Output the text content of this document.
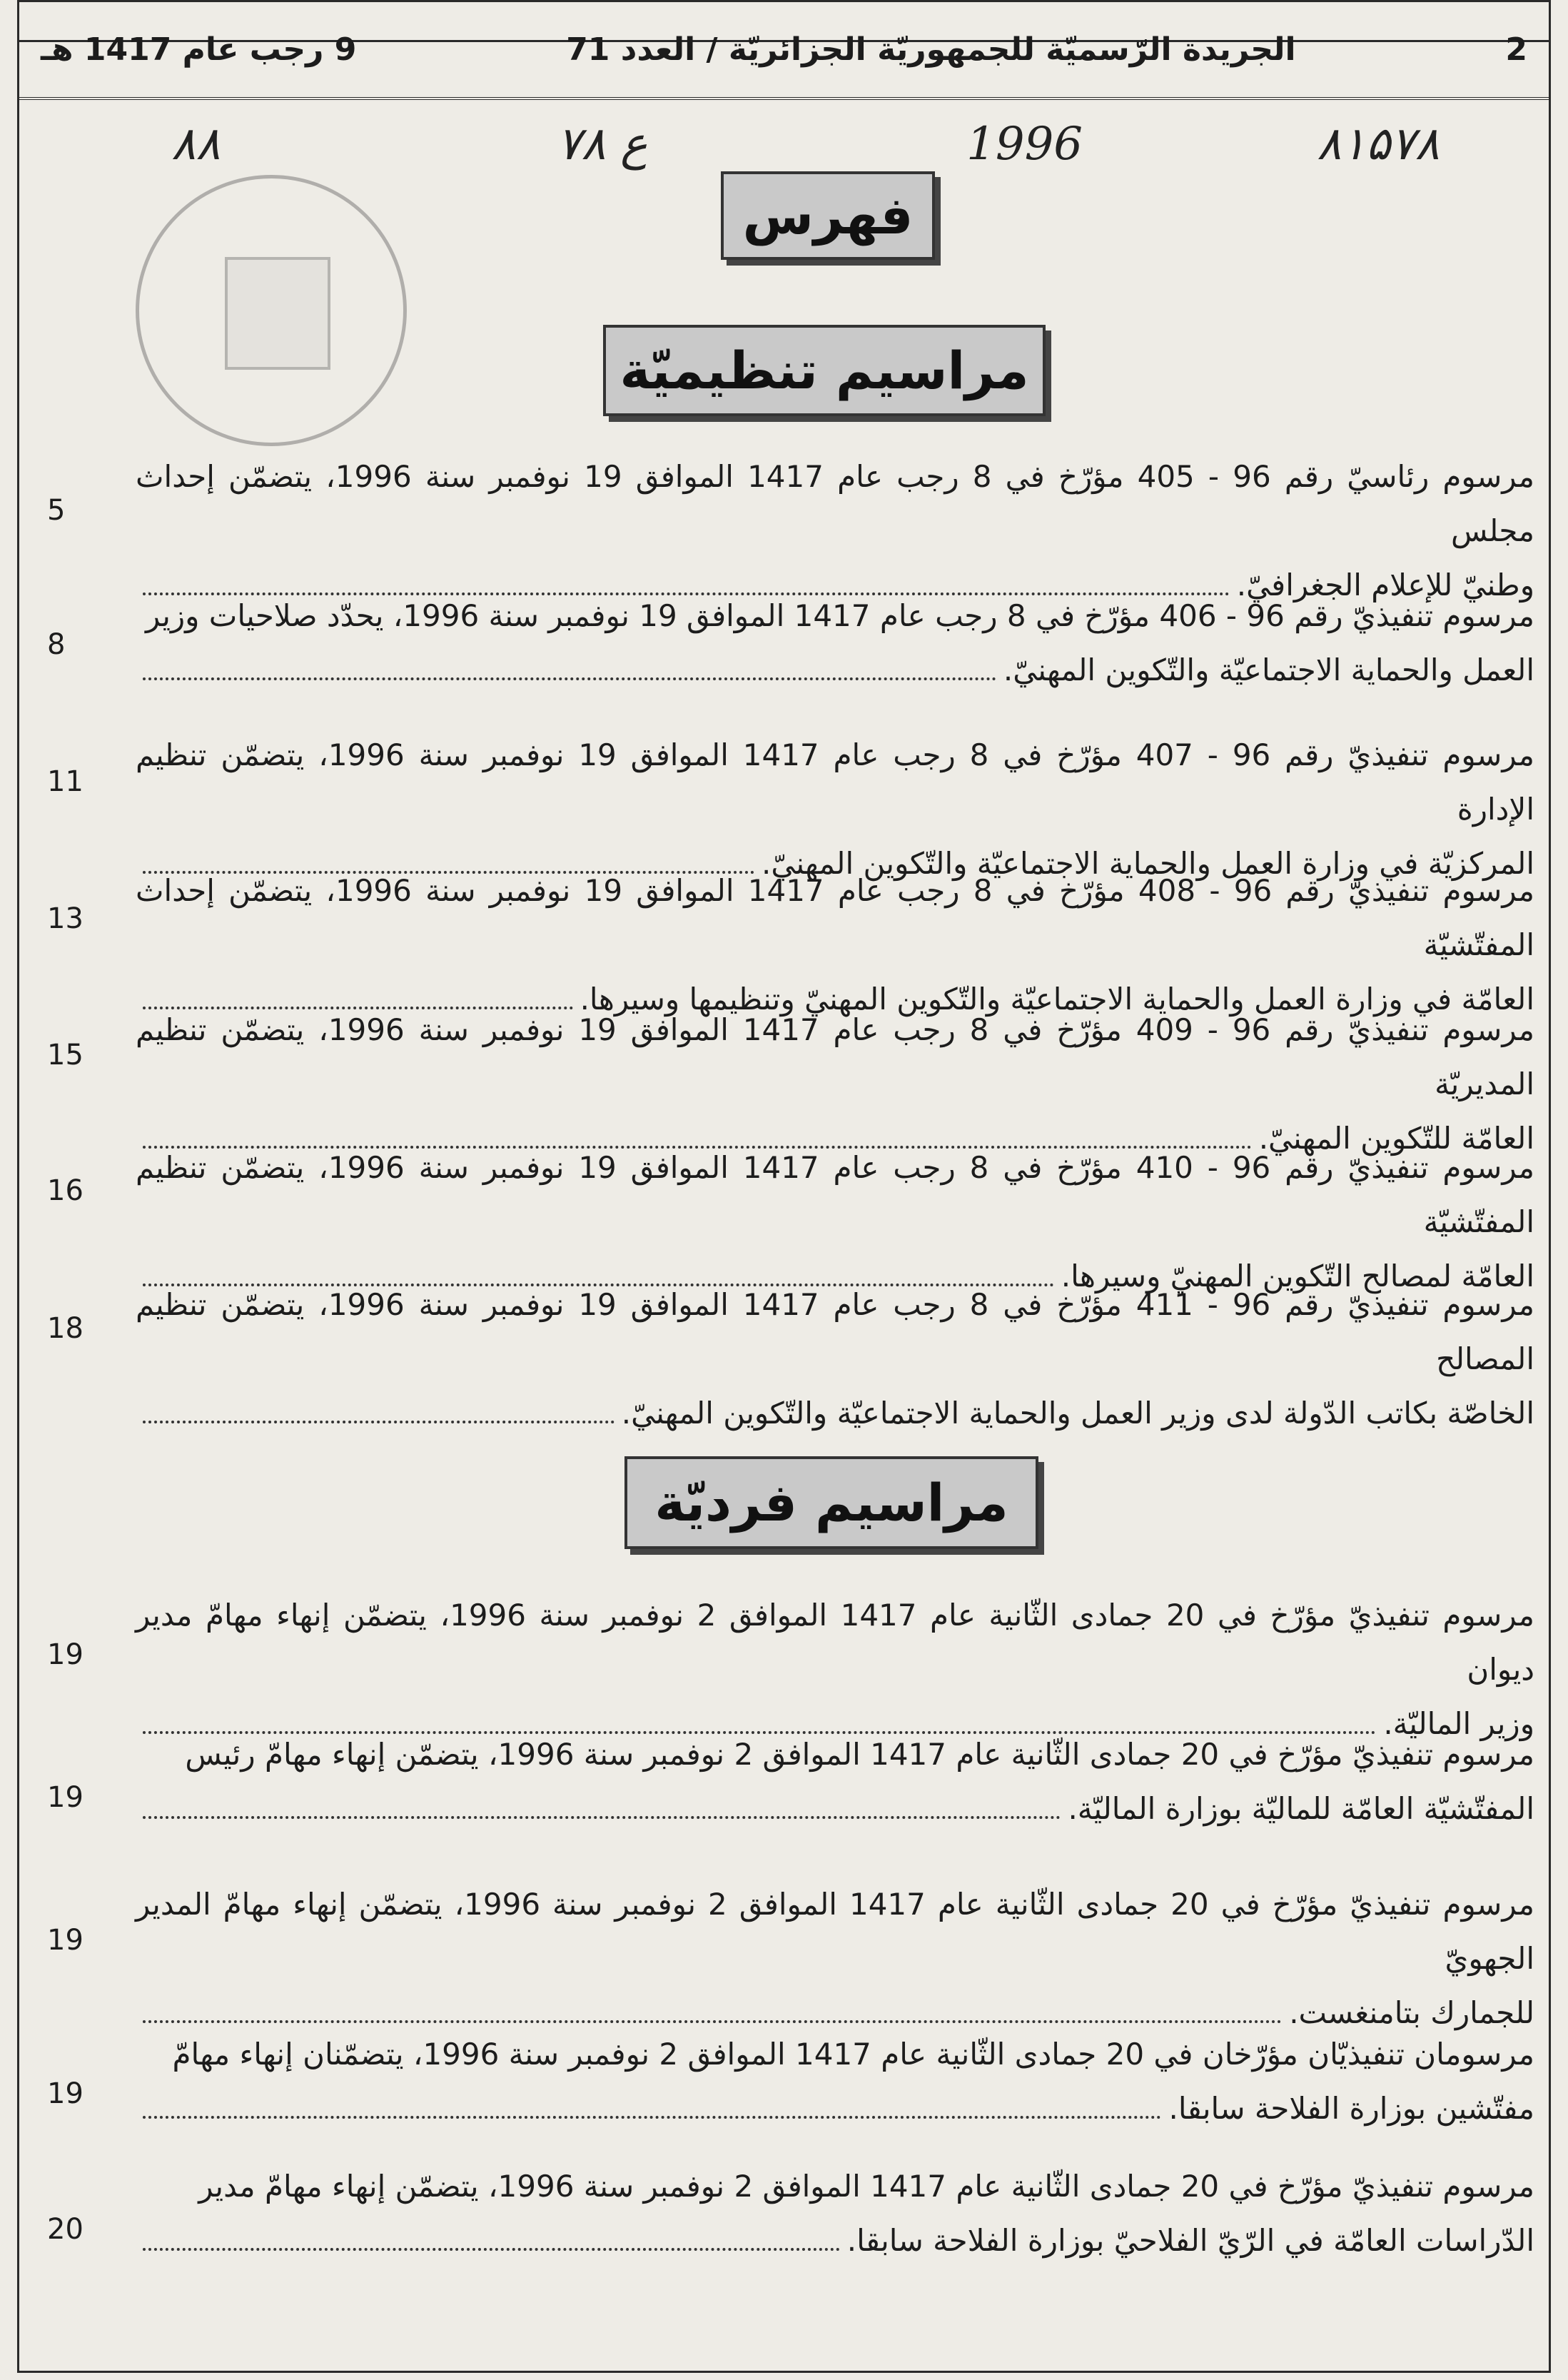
2
الجريدة الرّسميّة للجمهوريّة الجزائريّة / العدد 71
9 رجب عام 1417 هـ
۸۱۵۷۸
1996
۷۸ ع
۸۸
فهرس
مراسيم تنظيميّة
مراسيم فرديّة
مرسوم رئاسيّ رقم 96 - 405 مؤرّخ في 8 رجب عام 1417 الموافق 19 نوفمبر سنة 1996، يتضمّن إحداث مجلس
وطنيّ للإعلام الجغرافيّ.
5
مرسوم تنفيذيّ رقم 96 - 406 مؤرّخ في 8 رجب عام 1417 الموافق 19 نوفمبر سنة 1996، يحدّد صلاحيات وزير
العمل والحماية الاجتماعيّة والتّكوين المهنيّ.
8
مرسوم تنفيذيّ رقم 96 - 407 مؤرّخ في 8 رجب عام 1417 الموافق 19 نوفمبر سنة 1996، يتضمّن تنظيم الإدارة
المركزيّة في وزارة العمل والحماية الاجتماعيّة والتّكوين المهنيّ.
11
مرسوم تنفيذيّ رقم 96 - 408 مؤرّخ في 8 رجب عام 1417 الموافق 19 نوفمبر سنة 1996، يتضمّن إحداث المفتّشيّة
العامّة في وزارة العمل والحماية الاجتماعيّة والتّكوين المهنيّ وتنظيمها وسيرها.
13
مرسوم تنفيذيّ رقم 96 - 409 مؤرّخ في 8 رجب عام 1417 الموافق 19 نوفمبر سنة 1996، يتضمّن تنظيم المديريّة
العامّة للتّكوين المهنيّ.
15
مرسوم تنفيذيّ رقم 96 - 410 مؤرّخ في 8 رجب عام 1417 الموافق 19 نوفمبر سنة 1996، يتضمّن تنظيم المفتّشيّة
العامّة لمصالح التّكوين المهنيّ وسيرها.
16
مرسوم تنفيذيّ رقم 96 - 411 مؤرّخ في 8 رجب عام 1417 الموافق 19 نوفمبر سنة 1996، يتضمّن تنظيم المصالح
الخاصّة بكاتب الدّولة لدى وزير العمل والحماية الاجتماعيّة والتّكوين المهنيّ.
18
مرسوم تنفيذيّ مؤرّخ في 20 جمادى الثّانية عام 1417 الموافق 2 نوفمبر سنة 1996، يتضمّن إنهاء مهامّ مدير ديوان
وزير الماليّة.
19
مرسوم تنفيذيّ مؤرّخ في 20 جمادى الثّانية عام 1417 الموافق 2 نوفمبر سنة 1996، يتضمّن إنهاء مهامّ رئيس
المفتّشيّة العامّة للماليّة بوزارة الماليّة.
19
مرسوم تنفيذيّ مؤرّخ في 20 جمادى الثّانية عام 1417 الموافق 2 نوفمبر سنة 1996، يتضمّن إنهاء مهامّ المدير الجهويّ
للجمارك بتامنغست.
19
مرسومان تنفيذيّان مؤرّخان في 20 جمادى الثّانية عام 1417 الموافق 2 نوفمبر سنة 1996، يتضمّنان إنهاء مهامّ
مفتّشين بوزارة الفلاحة سابقا.
19
مرسوم تنفيذيّ مؤرّخ في 20 جمادى الثّانية عام 1417 الموافق 2 نوفمبر سنة 1996، يتضمّن إنهاء مهامّ مدير
الدّراسات العامّة في الرّيّ الفلاحيّ بوزارة الفلاحة سابقا.
20
